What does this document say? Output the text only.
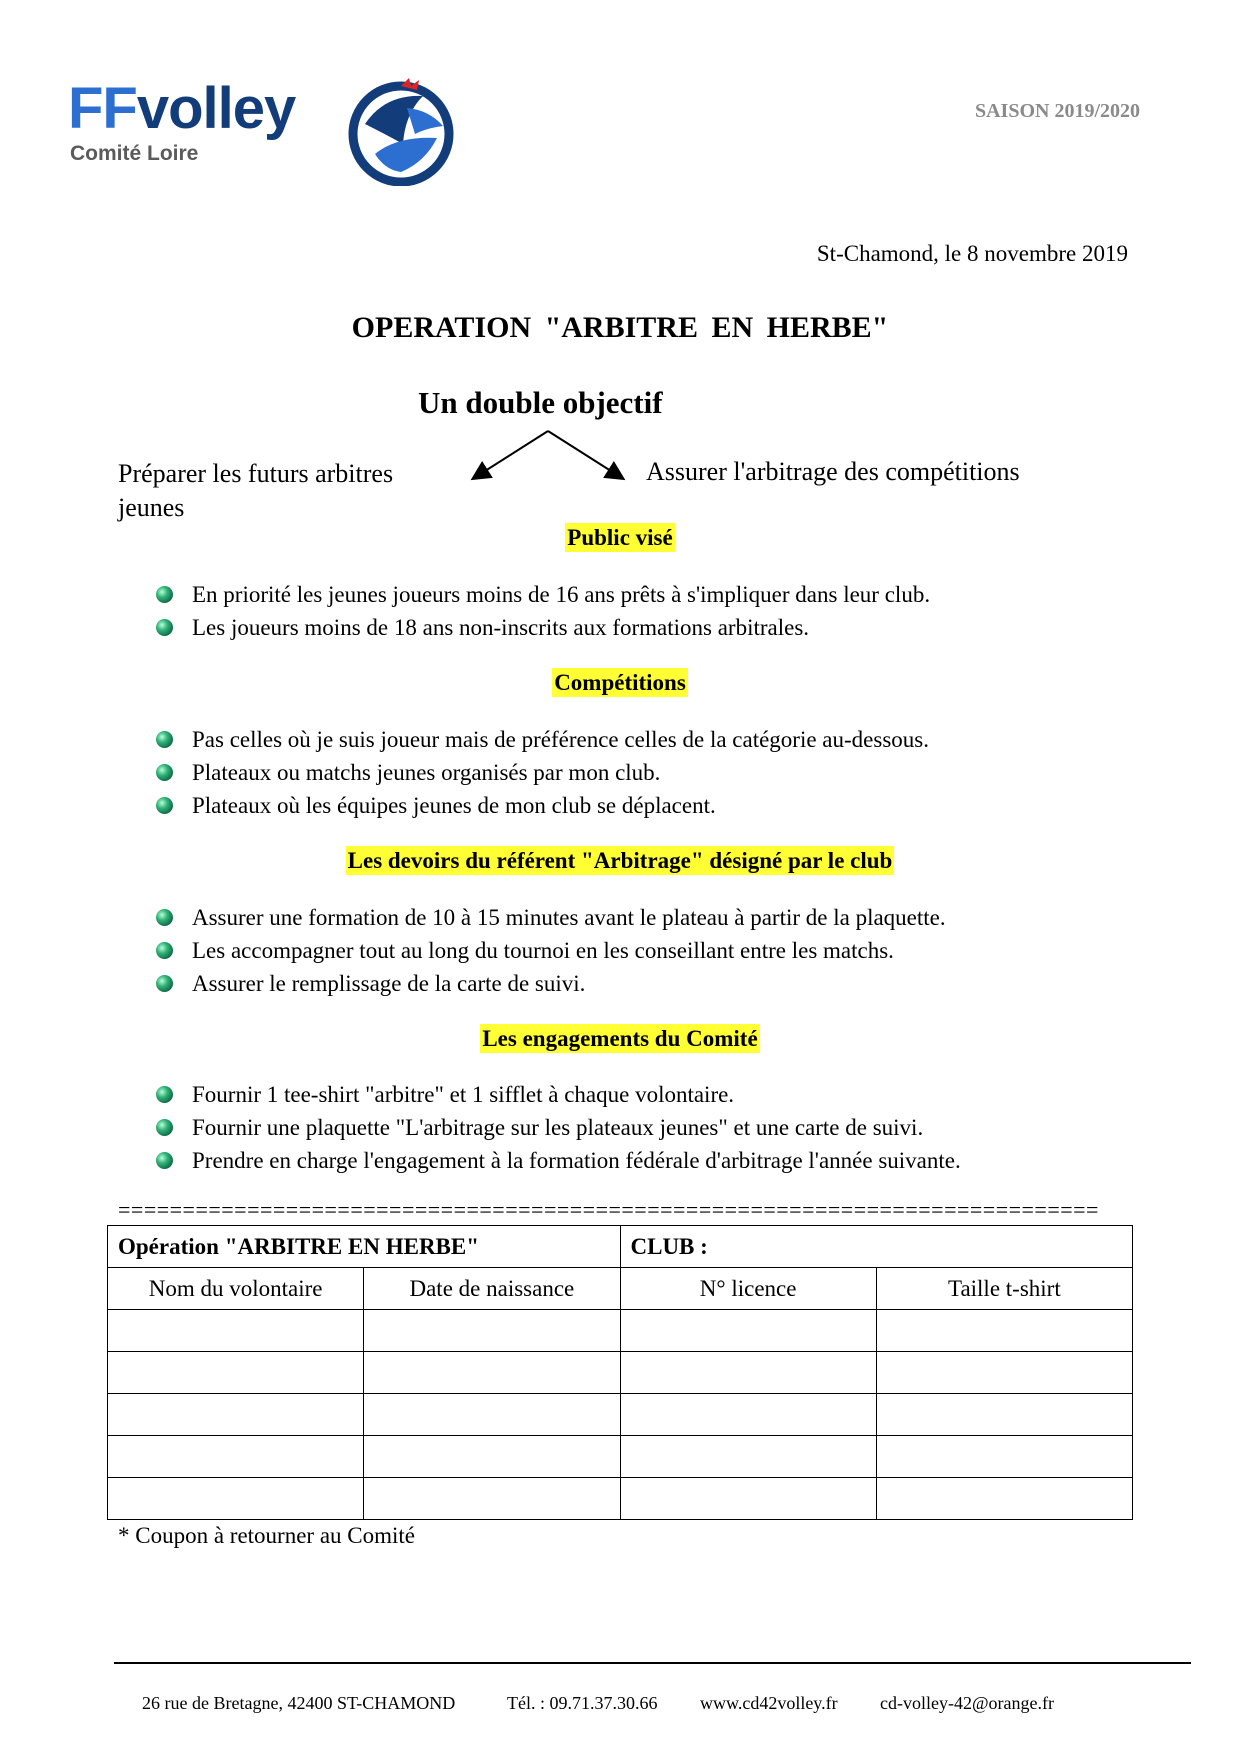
FFvolley
Comité Loire
SAISON 2019/2020
St-Chamond, le 8 novembre 2019
OPERATION "ARBITRE EN HERBE"
Un double objectif
Préparer les futurs arbitres jeunes
Assurer l'arbitrage des compétitions
Public visé
En priorité les jeunes joueurs moins de 16 ans prêts à s'impliquer dans leur club.
Les joueurs moins de 18 ans non-inscrits aux formations arbitrales.
Compétitions
Pas celles où je suis joueur mais de préférence celles de la catégorie au-dessous.
Plateaux ou matchs jeunes organisés par mon club.
Plateaux où les équipes jeunes de mon club se déplacent.
Les devoirs du référent "Arbitrage" désigné par le club
Assurer une formation de 10 à 15 minutes avant le plateau à partir de la plaquette.
Les accompagner tout au long du tournoi en les conseillant entre les matchs.
Assurer le remplissage de la carte de suivi.
Les engagements du Comité
Fournir 1 tee-shirt "arbitre" et 1 sifflet à chaque volontaire.
Fournir une plaquette "L'arbitrage sur les plateaux jeunes" et une carte de suivi.
Prendre en charge l'engagement à la formation fédérale d'arbitrage l'année suivante.
============================================================================
Opération "ARBITRE EN HERBE"		CLUB :	
Nom du volontaire	Date de naissance	N° licence	Taille t-shirt

* Coupon à retourner au Comité
26 rue de Bretagne, 42400 ST-CHAMOND	Tél. : 09.71.37.30.66 www.cd42volley.fr cd-volley-42@orange.fr
